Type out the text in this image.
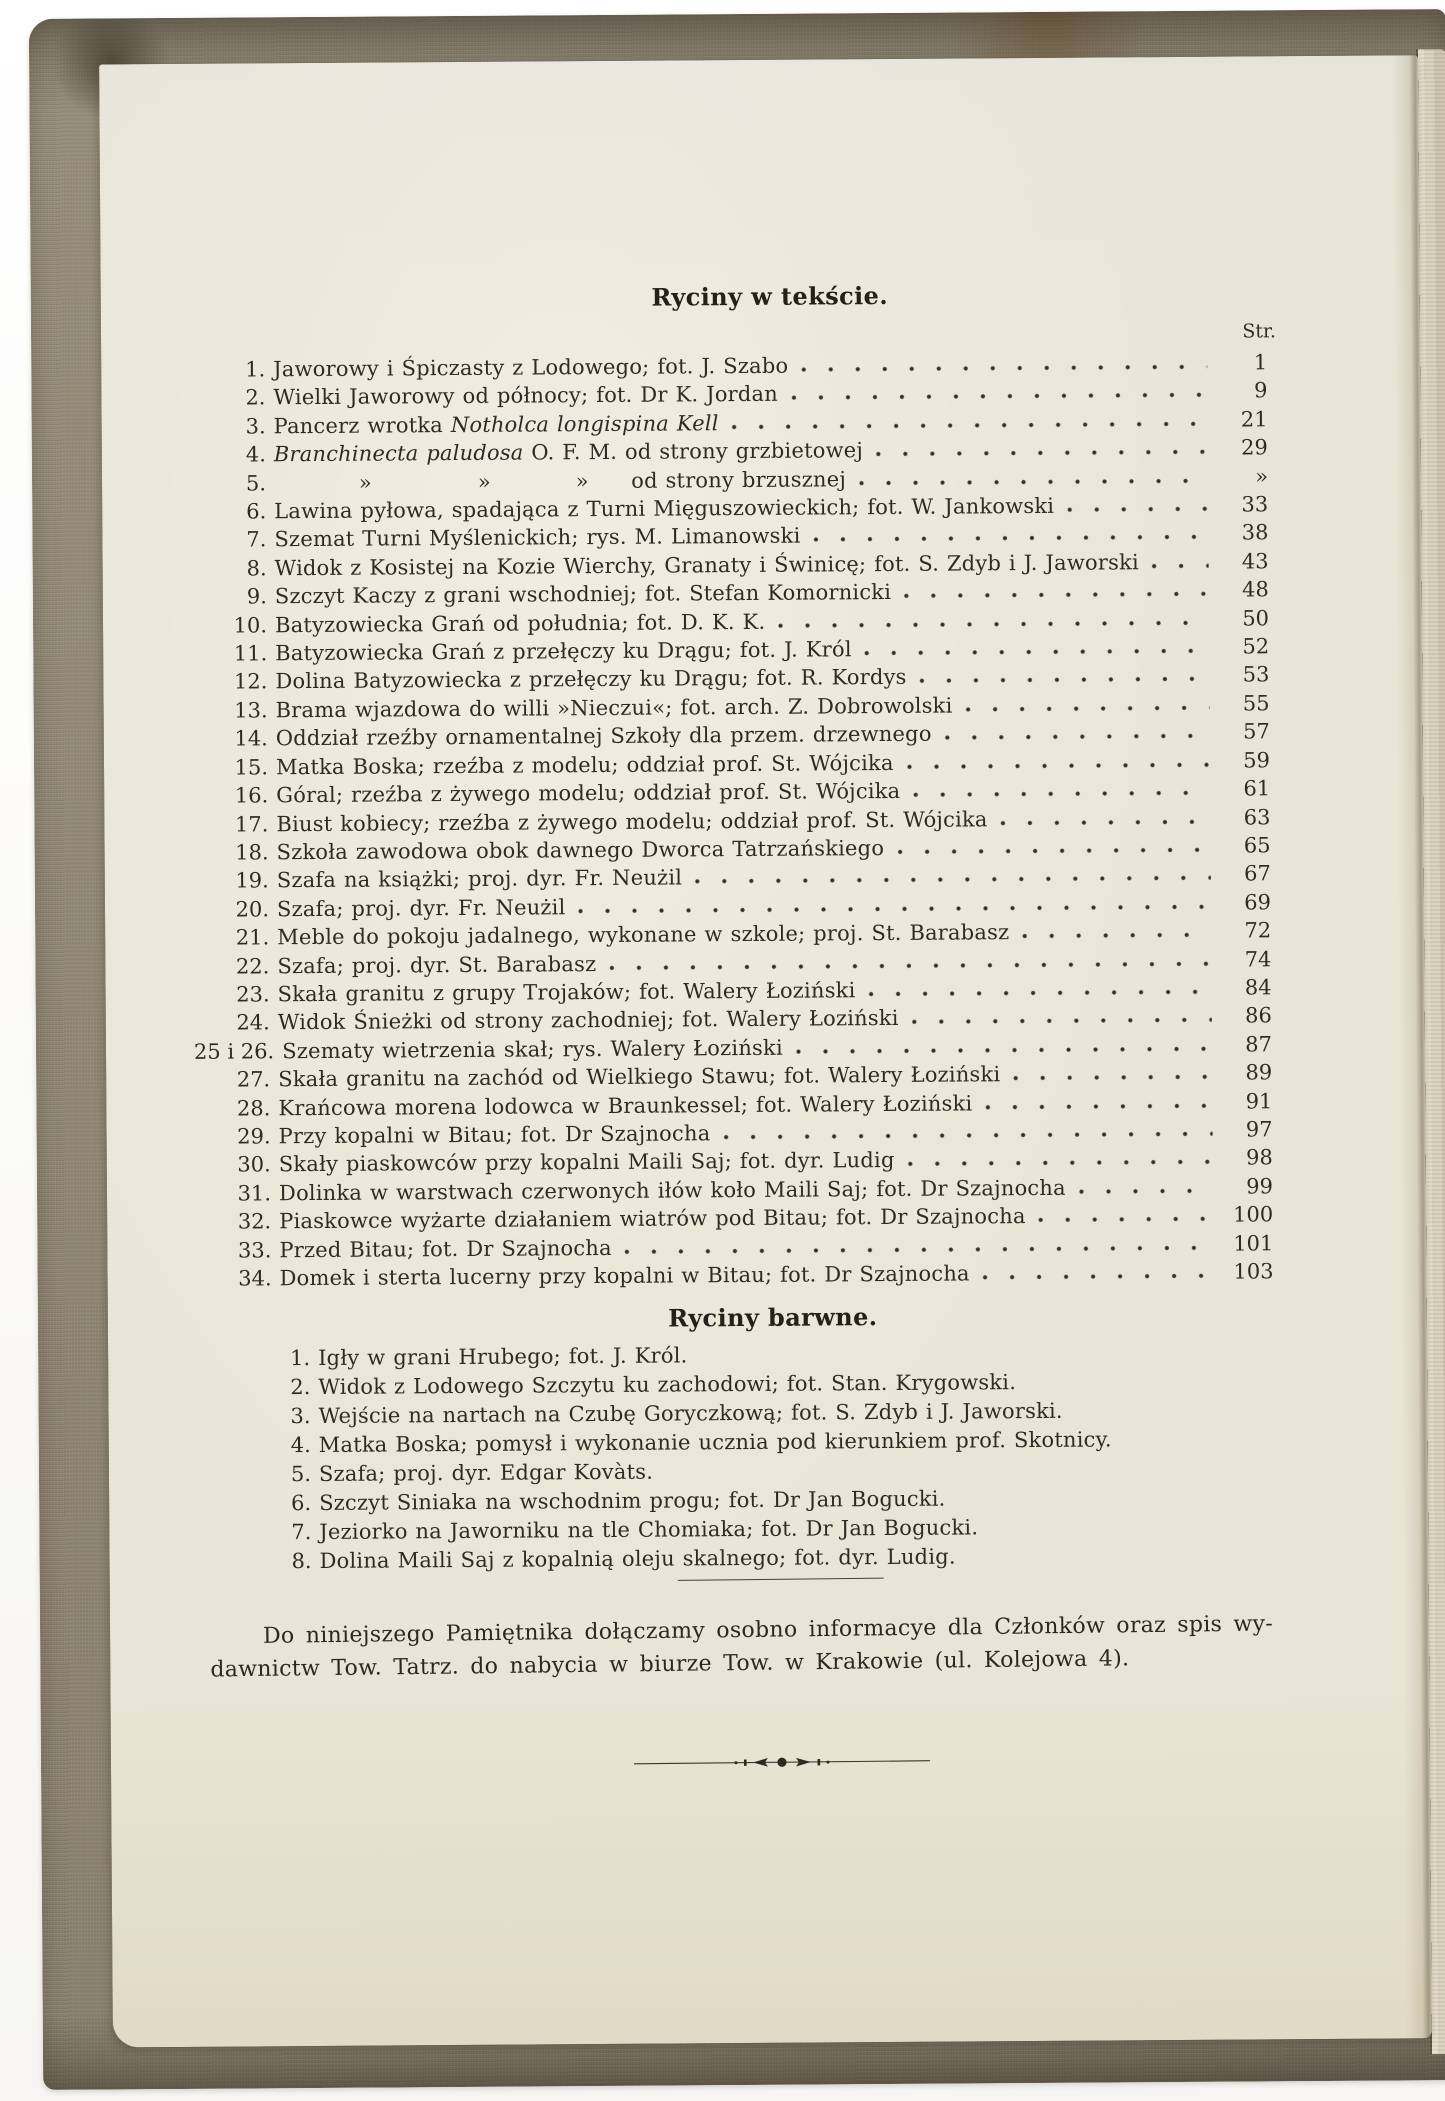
Ryciny w tekście.
Str.
1. Jaworowy i Śpiczasty z Lodowego; fot. J. Szabo	1
2. Wielki Jaworowy od północy; fot. Dr K. Jordan	9
3. Pancerz wrotka Notholca longispina Kell	21
4. Branchinecta paludosa O. F. M. od strony grzbietowej	29
5.     »     »    »  od strony brzusznej	»
6. Lawina pyłowa, spadająca z Turni Mięguszowieckich; fot. W. Jankowski	33
7. Szemat Turni Myślenickich; rys. M. Limanowski	38
8. Widok z Kosistej na Kozie Wierchy, Granaty i Świnicę; fot. S. Zdyb i J. Jaworski	43
9. Szczyt Kaczy z grani wschodniej; fot. Stefan Komornicki	48
10. Batyzowiecka Grań od południa; fot. D. K. K.	50
11. Batyzowiecka Grań z przełęczy ku Drągu; fot. J. Król	52
12. Dolina Batyzowiecka z przełęczy ku Drągu; fot. R. Kordys	53
13. Brama wjazdowa do willi »Nieczui«; fot. arch. Z. Dobrowolski	55
14. Oddział rzeźby ornamentalnej Szkoły dla przem. drzewnego	57
15. Matka Boska; rzeźba z modelu; oddział prof. St. Wójcika	59
16. Góral; rzeźba z żywego modelu; oddział prof. St. Wójcika	61
17. Biust kobiecy; rzeźba z żywego modelu; oddział prof. St. Wójcika	63
18. Szkoła zawodowa obok dawnego Dworca Tatrzańskiego	65
19. Szafa na książki; proj. dyr. Fr. Neużil	67
20. Szafa; proj. dyr. Fr. Neużil	69
21. Meble do pokoju jadalnego, wykonane w szkole; proj. St. Barabasz	72
22. Szafa; proj. dyr. St. Barabasz	74
23. Skała granitu z grupy Trojaków; fot. Walery Łoziński	84
24. Widok Śnieżki od strony zachodniej; fot. Walery Łoziński	86
25 i 26. Szematy wietrzenia skał; rys. Walery Łoziński	87
27. Skała granitu na zachód od Wielkiego Stawu; fot. Walery Łoziński	89
28. Krańcowa morena lodowca w Braunkessel; fot. Walery Łoziński	91
29. Przy kopalni w Bitau; fot. Dr Szajnocha	97
30. Skały piaskowców przy kopalni Maili Saj; fot. dyr. Ludig	98
31. Dolinka w warstwach czerwonych iłów koło Maili Saj; fot. Dr Szajnocha	99
32. Piaskowce wyżarte działaniem wiatrów pod Bitau; fot. Dr Szajnocha	100
33. Przed Bitau; fot. Dr Szajnocha	101
34. Domek i sterta lucerny przy kopalni w Bitau; fot. Dr Szajnocha	103
Ryciny barwne.
1. Igły w grani Hrubego; fot. J. Król.
2. Widok z Lodowego Szczytu ku zachodowi; fot. Stan. Krygowski.
3. Wejście na nartach na Czubę Goryczkową; fot. S. Zdyb i J. Jaworski.
4. Matka Boska; pomysł i wykonanie ucznia pod kierunkiem prof. Skotnicy.
5. Szafa; proj. dyr. Edgar Kovàts.
6. Szczyt Siniaka na wschodnim progu; fot. Dr Jan Bogucki.
7. Jeziorko na Jaworniku na tle Chomiaka; fot. Dr Jan Bogucki.
8. Dolina Maili Saj z kopalnią oleju skalnego; fot. dyr. Ludig.
Do niniejszego Pamiętnika dołączamy osobno informacye dla Członków oraz spis wy-
dawnictw Tow. Tatrz. do nabycia w biurze Tow. w Krakowie (ul. Kolejowa 4).
